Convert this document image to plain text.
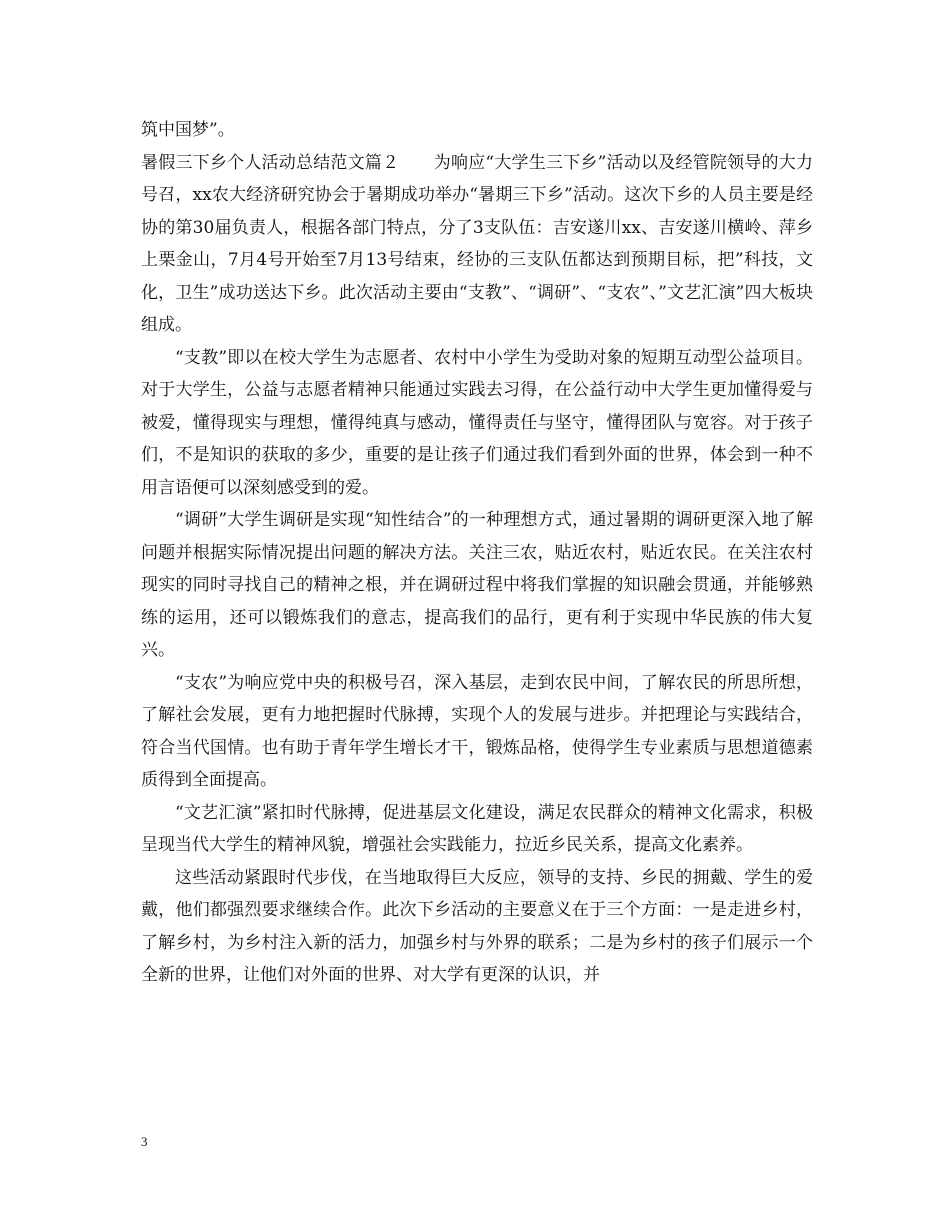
筑中国梦”。

暑假三下乡个人活动总结范文篇２　　为响应“大学生三下乡”活动以及经管院领导的大力号召，xx农大经济研究协会于暑期成功举办“暑期三下乡”活动。这次下乡的人员主要是经协的第30届负责人，根据各部门特点，分了3支队伍：吉安遂川xx、吉安遂川横岭、萍乡上栗金山，7月4号开始至7月13号结束，经协的三支队伍都达到预期目标，把”科技，文化，卫生”成功送达下乡。此次活动主要由“支教”、“调研”、“支农”、”文艺汇演”四大板块组成。

“支教”即以在校大学生为志愿者、农村中小学生为受助对象的短期互动型公益项目。对于大学生，公益与志愿者精神只能通过实践去习得，在公益行动中大学生更加懂得爱与被爱，懂得现实与理想，懂得纯真与感动，懂得责任与坚守，懂得团队与宽容。对于孩子们，不是知识的获取的多少，重要的是让孩子们通过我们看到外面的世界，体会到一种不用言语便可以深刻感受到的爱。

“调研”大学生调研是实现“知性结合”的一种理想方式，通过暑期的调研更深入地了解问题并根据实际情况提出问题的解决方法。关注三农，贴近农村，贴近农民。在关注农村现实的同时寻找自己的精神之根，并在调研过程中将我们掌握的知识融会贯通，并能够熟练的运用，还可以锻炼我们的意志，提高我们的品行，更有利于实现中华民族的伟大复兴。

“支农”为响应党中央的积极号召，深入基层，走到农民中间，了解农民的所思所想，了解社会发展，更有力地把握时代脉搏，实现个人的发展与进步。并把理论与实践结合，符合当代国情。也有助于青年学生增长才干，锻炼品格，使得学生专业素质与思想道德素质得到全面提高。

“文艺汇演”紧扣时代脉搏，促进基层文化建设，满足农民群众的精神文化需求，积极呈现当代大学生的精神风貌，增强社会实践能力，拉近乡民关系，提高文化素养。

这些活动紧跟时代步伐，在当地取得巨大反应，领导的支持、乡民的拥戴、学生的爱戴，他们都强烈要求继续合作。此次下乡活动的主要意义在于三个方面：一是走进乡村，了解乡村，为乡村注入新的活力，加强乡村与外界的联系；二是为乡村的孩子们展示一个全新的世界，让他们对外面的世界、对大学有更深的认识，并

3
